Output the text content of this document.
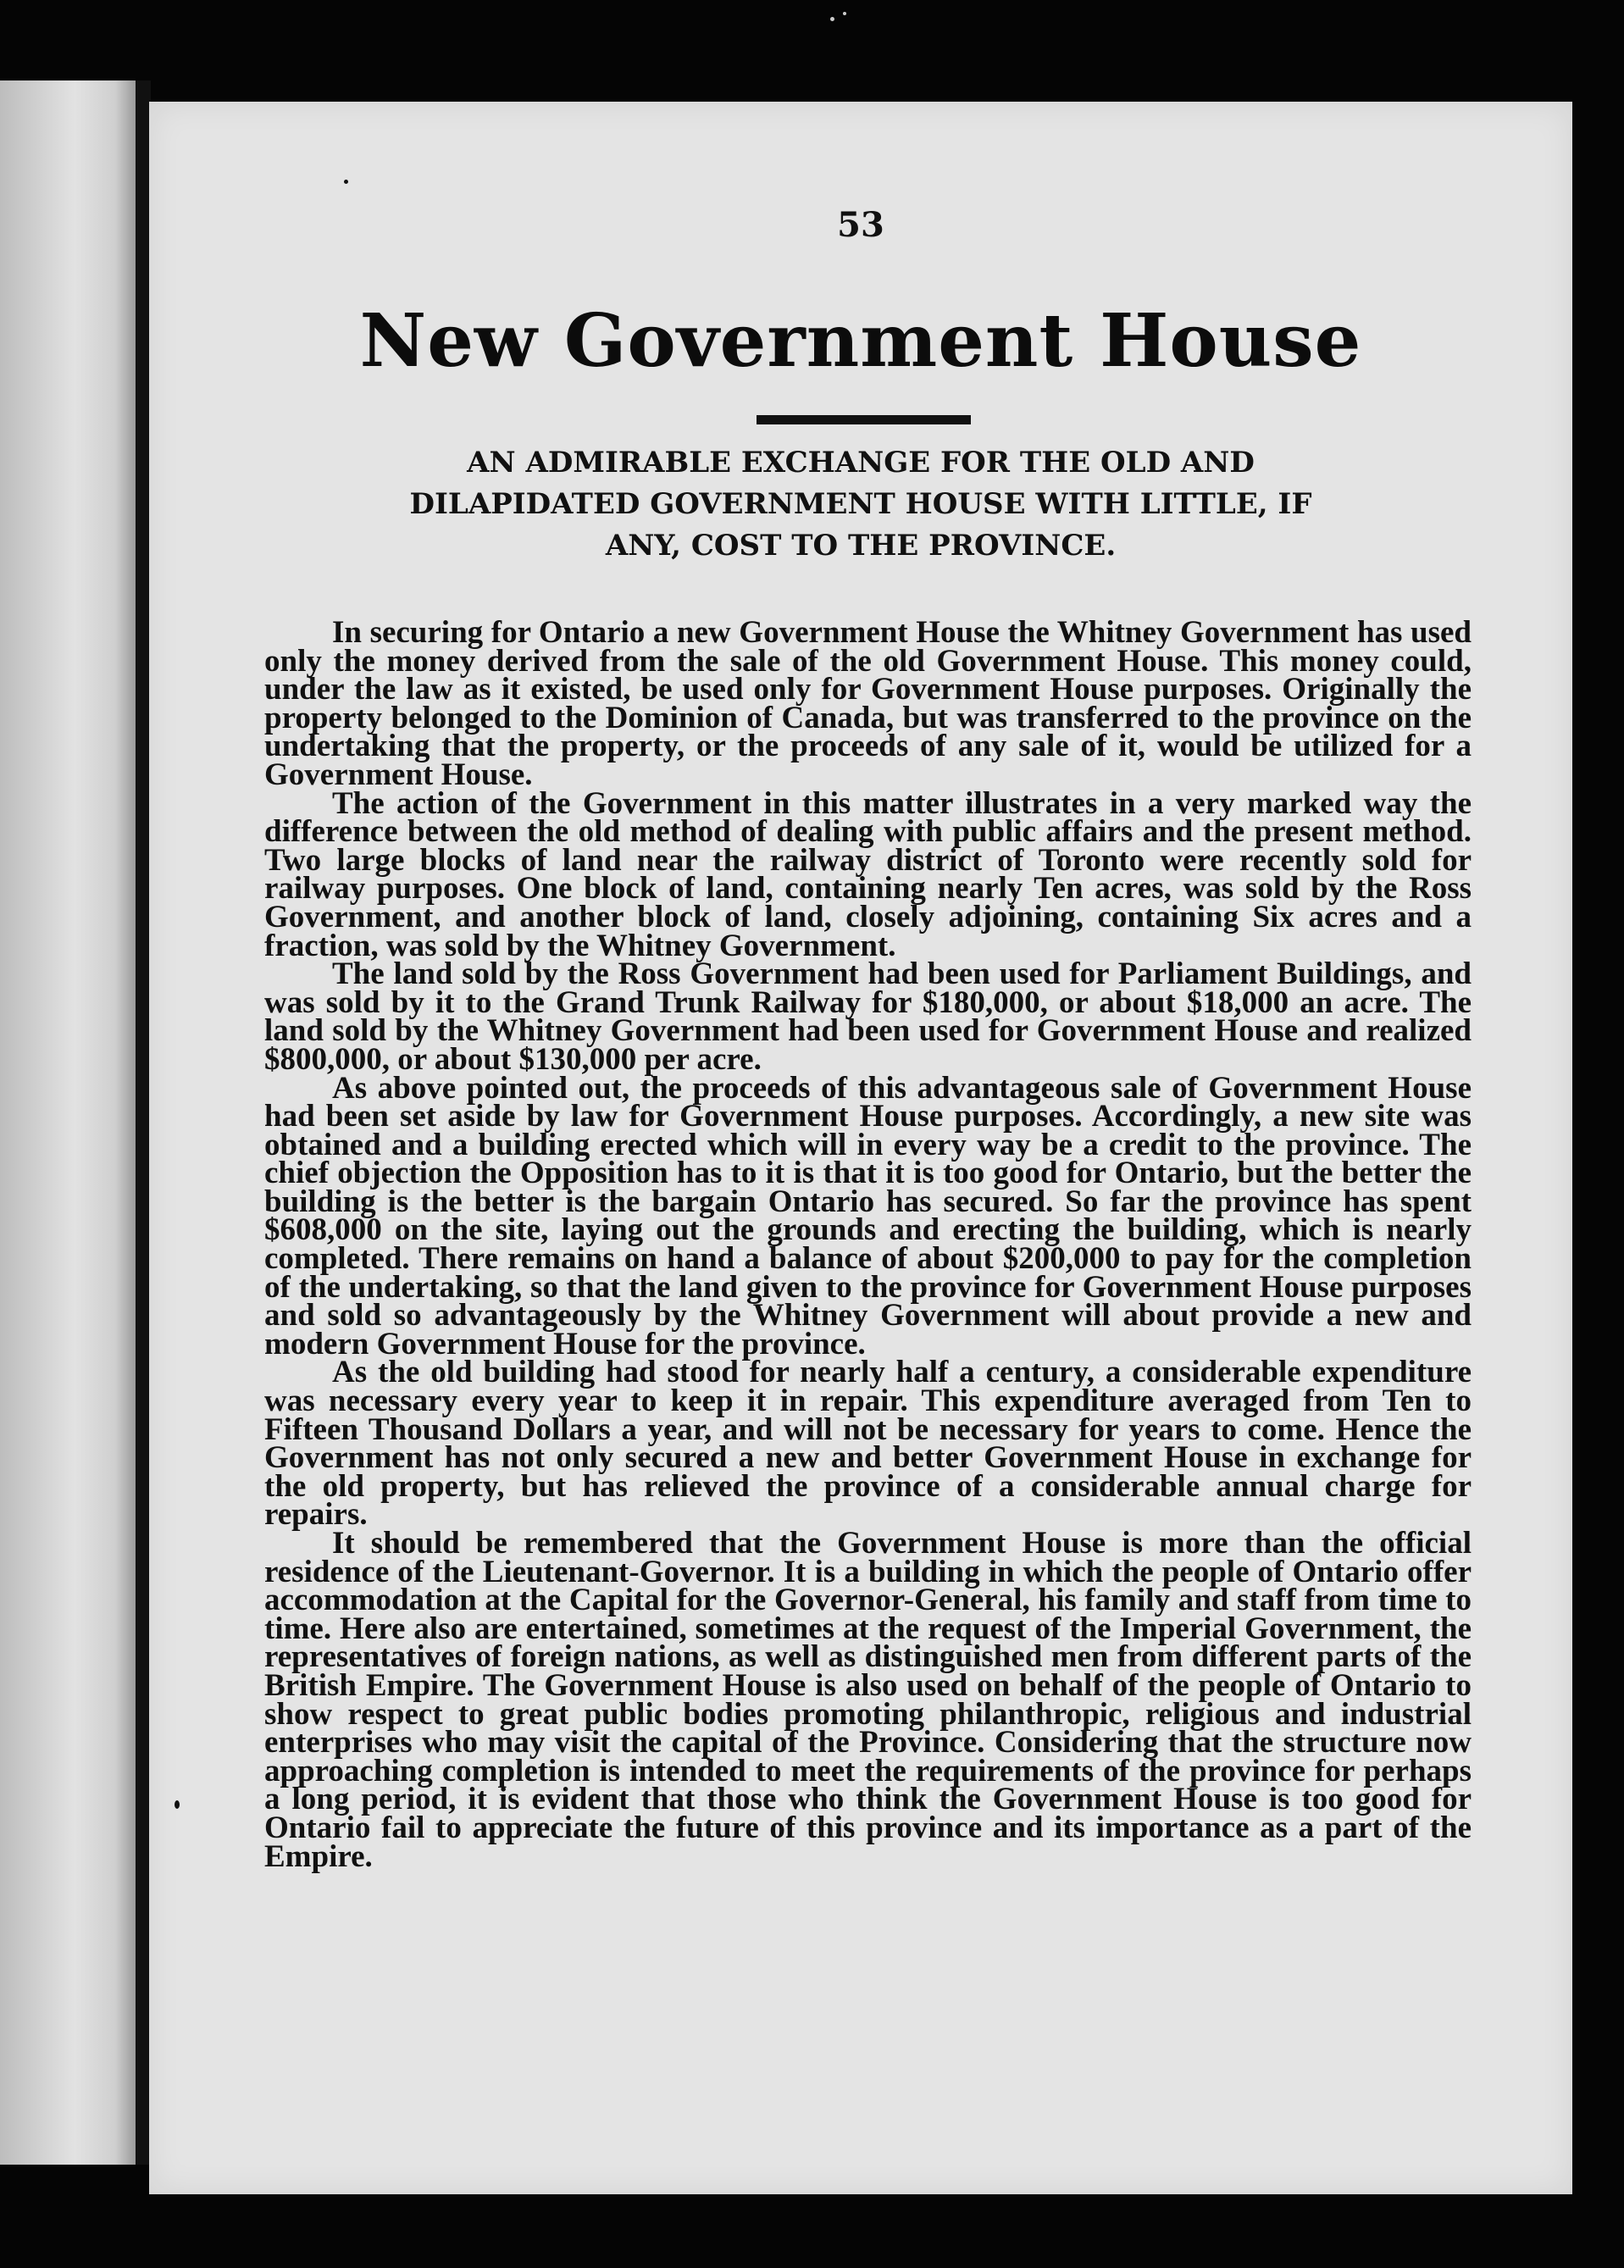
53
New Government House
AN ADMIRABLE EXCHANGE FOR THE OLD AND DILAPIDATED GOVERNMENT HOUSE WITH LITTLE, IF ANY, COST TO THE PROVINCE.

In securing for Ontario a new Government House the Whitney Government has used only the money derived from the sale of the old Government House. This money could, under the law as it existed, be used only for Government House purposes. Originally the property belonged to the Dominion of Canada, but was transferred to the province on the undertaking that the property, or the proceeds of any sale of it, would be utilized for a Government House.

The action of the Government in this matter illustrates in a very marked way the difference between the old method of dealing with public affairs and the present method. Two large blocks of land near the railway district of Toronto were recently sold for railway purposes. One block of land, containing nearly Ten acres, was sold by the Ross Government, and another block of land, closely adjoining, containing Six acres and a fraction, was sold by the Whitney Government.

The land sold by the Ross Government had been used for Parliament Buildings, and was sold by it to the Grand Trunk Railway for $180,000, or about $18,000 an acre. The land sold by the Whitney Government had been used for Government House and realized $800,000, or about $130,000 per acre.

As above pointed out, the proceeds of this advantageous sale of Government House had been set aside by law for Government House purposes. Accordingly, a new site was obtained and a building erected which will in every way be a credit to the province. The chief objection the Opposition has to it is that it is too good for Ontario, but the better the building is the better is the bargain Ontario has secured. So far the province has spent $608,000 on the site, laying out the grounds and erecting the building, which is nearly completed. There remains on hand a balance of about $200,000 to pay for the completion of the undertaking, so that the land given to the province for Government House purposes and sold so advantageously by the Whitney Government will about provide a new and modern Government House for the province.

As the old building had stood for nearly half a century, a considerable expenditure was necessary every year to keep it in repair. This expenditure averaged from Ten to Fifteen Thousand Dollars a year, and will not be necessary for years to come. Hence the Government has not only secured a new and better Government House in exchange for the old property, but has relieved the province of a considerable annual charge for repairs.

It should be remembered that the Government House is more than the official residence of the Lieutenant-Governor. It is a building in which the people of Ontario offer accommodation at the Capital for the Governor-General, his family and staff from time to time. Here also are entertained, sometimes at the request of the Imperial Government, the representatives of foreign nations, as well as distinguished men from different parts of the British Empire. The Government House is also used on behalf of the people of Ontario to show respect to great public bodies promoting philanthropic, religious and industrial enterprises who may visit the capital of the Province. Considering that the structure now approaching completion is intended to meet the requirements of the province for perhaps a long period, it is evident that those who think the Government House is too good for Ontario fail to appreciate the future of this province and its importance as a part of the Empire.
